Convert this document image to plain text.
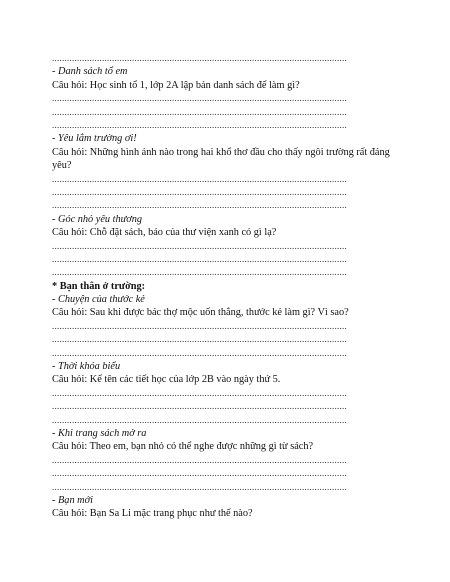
......................................................................................................................
- Danh sách tổ em
Câu hỏi: Học sinh tổ 1, lớp 2A lập bản danh sách để làm gì?
......................................................................................................................
......................................................................................................................
......................................................................................................................
- Yêu lắm trường ơi!
Câu hỏi: Những hình ảnh nào trong hai khổ thơ đầu cho thấy ngôi trường rất đáng yêu?
......................................................................................................................
......................................................................................................................
......................................................................................................................
- Góc nhỏ yêu thương
Câu hỏi: Chỗ đặt sách, báo của thư viện xanh có gì lạ?
......................................................................................................................
......................................................................................................................
......................................................................................................................
* Bạn thân ở trường:
- Chuyện của thước kẻ
Câu hỏi: Sau khi được bác thợ mộc uốn thẳng, thước kẻ làm gì? Vì sao?
......................................................................................................................
......................................................................................................................
......................................................................................................................
- Thời khóa biểu
Câu hỏi: Kể tên các tiết học của lớp 2B vào ngày thứ 5.
......................................................................................................................
......................................................................................................................
......................................................................................................................
- Khi trang sách mở ra
Câu hỏi: Theo em, bạn nhỏ có thể nghe được những gì từ sách?
......................................................................................................................
......................................................................................................................
......................................................................................................................
- Bạn mới
Câu hỏi: Bạn Sa Li mặc trang phục như thế nào?
